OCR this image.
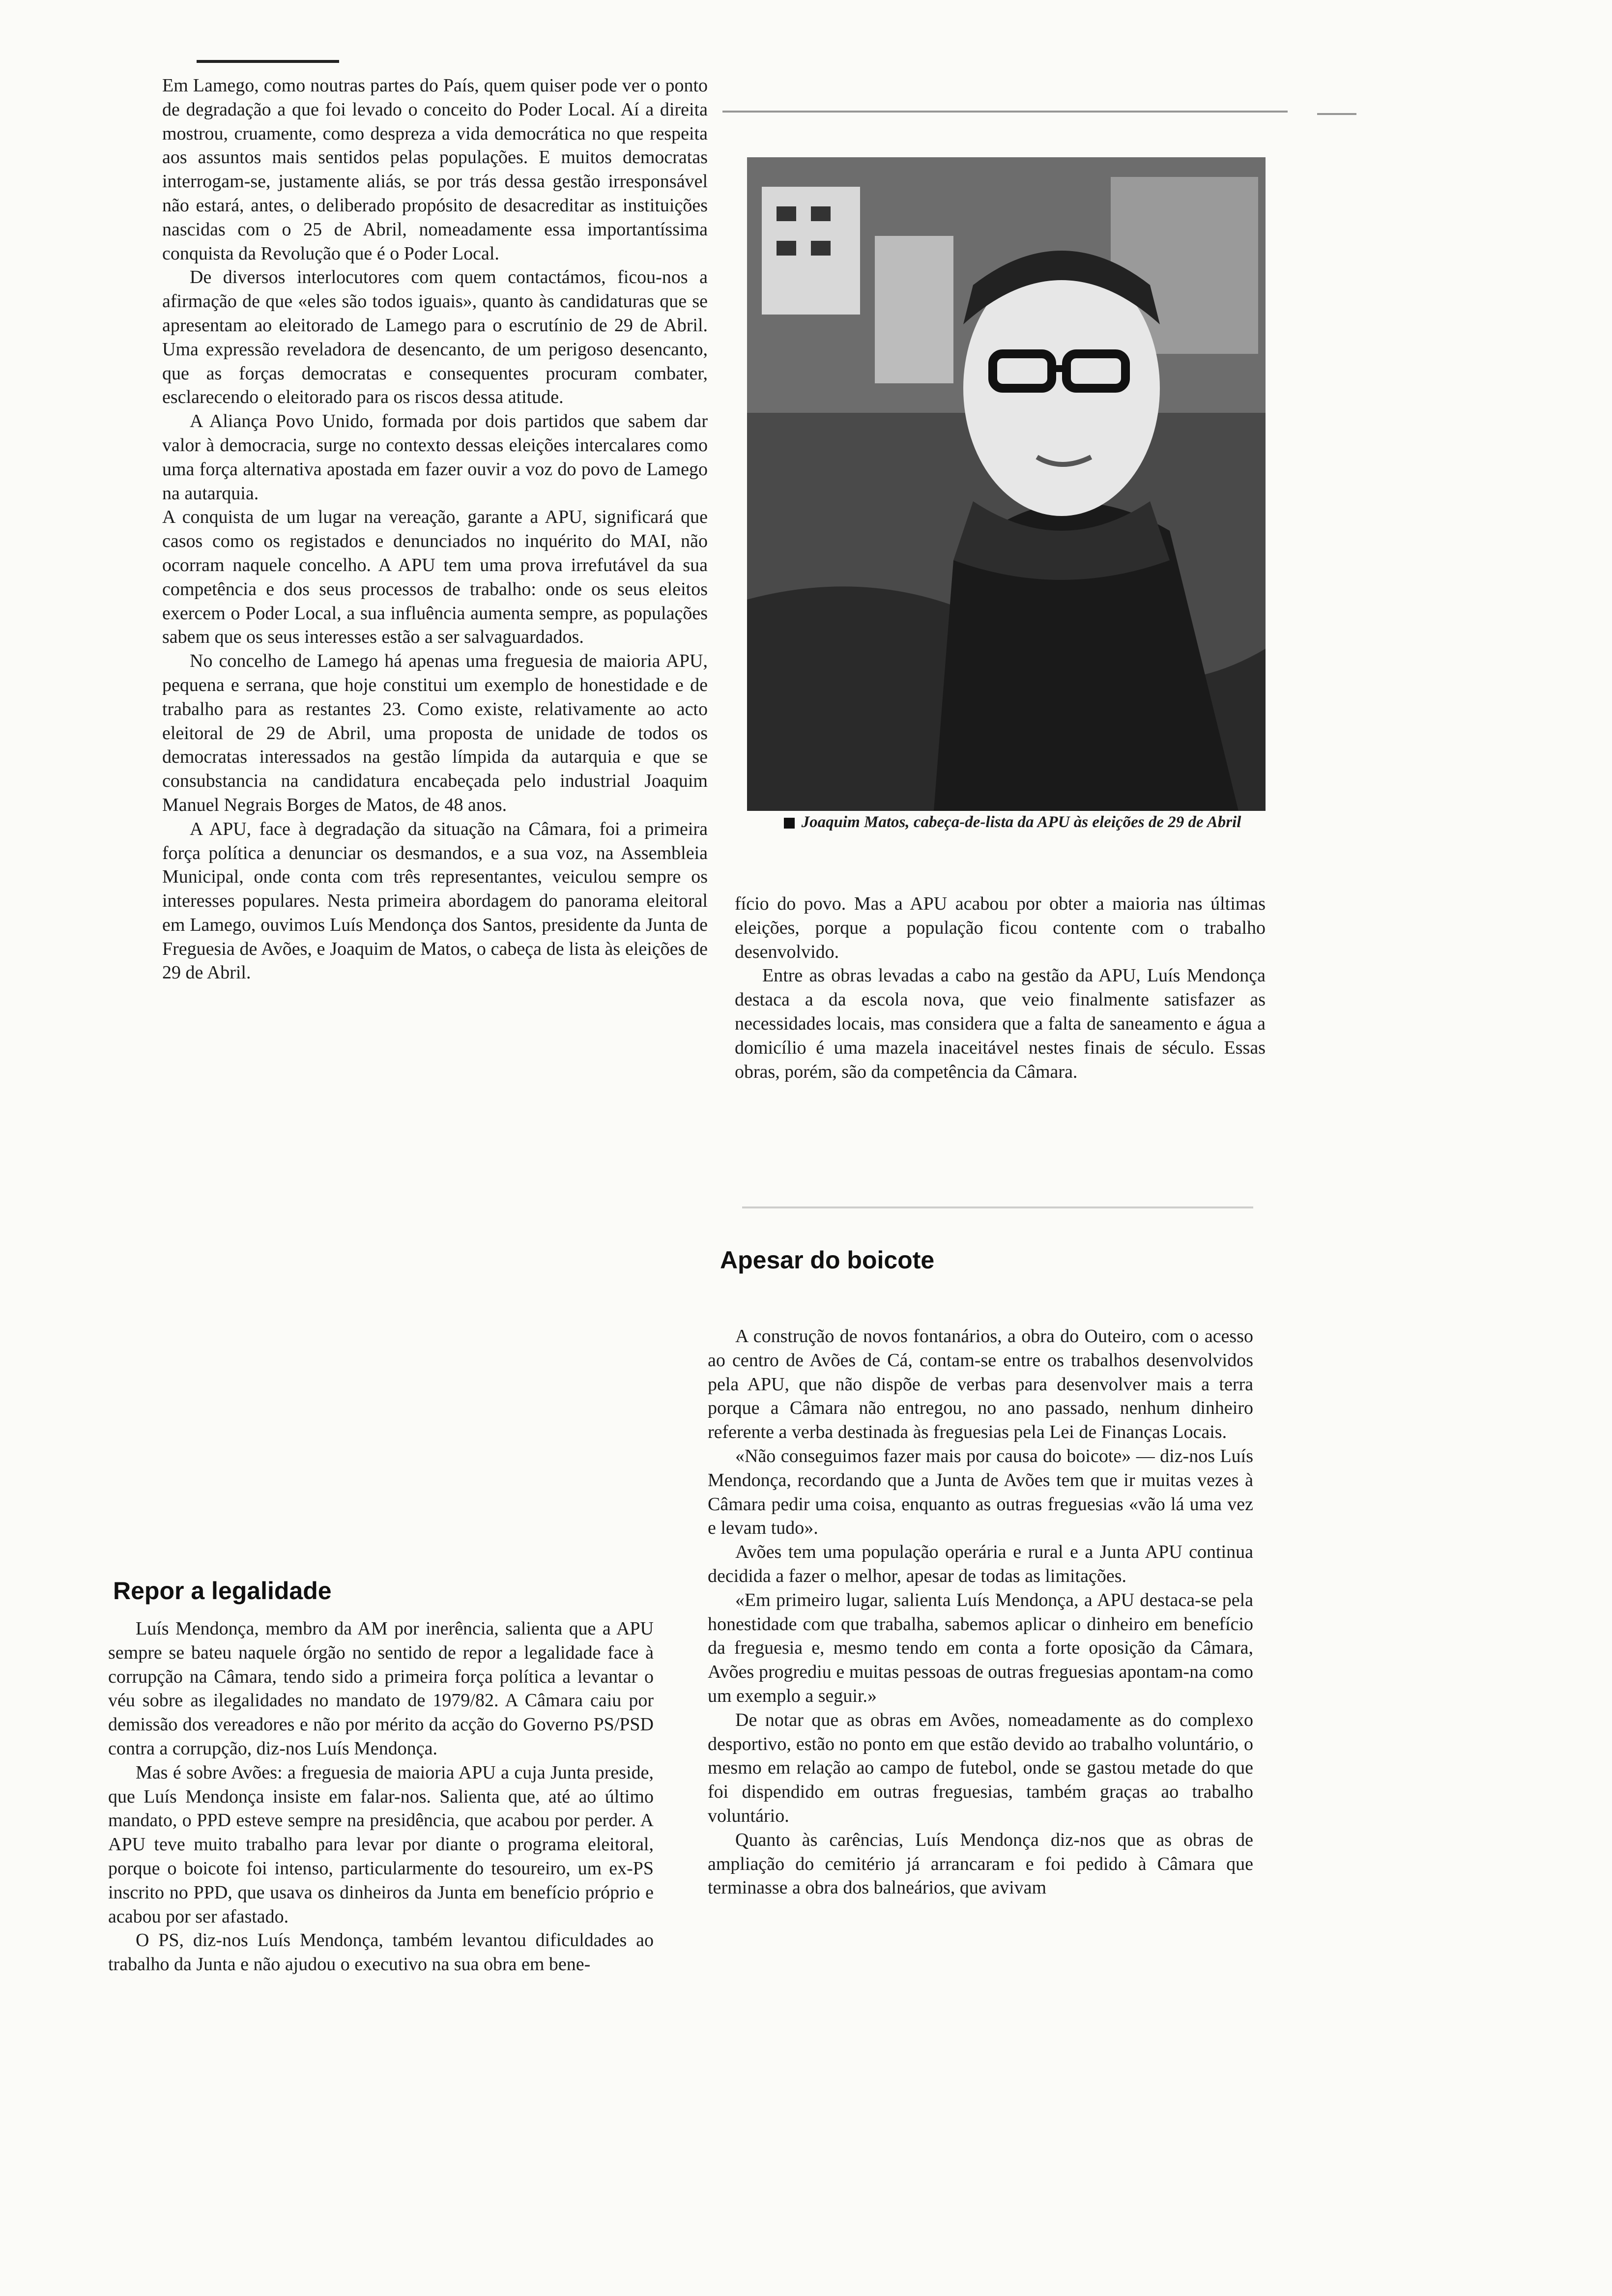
Em Lamego, como noutras partes do País, quem quiser pode ver o ponto de degradação a que foi levado o conceito do Poder Local. Aí a direita mostrou, cruamente, como despreza a vida democrática no que respeita aos assuntos mais sentidos pelas populações. E muitos democratas interrogam-se, justamente aliás, se por trás dessa gestão irresponsável não estará, antes, o deliberado propósito de desacreditar as instituições nascidas com o 25 de Abril, nomeadamente essa importantíssima conquista da Revolução que é o Poder Local.

De diversos interlocutores com quem contactámos, ficou-nos a afirmação de que «eles são todos iguais», quanto às candidaturas que se apresentam ao eleitorado de Lamego para o escrutínio de 29 de Abril. Uma expressão reveladora de desencanto, de um perigoso desencanto, que as forças democratas e consequentes procuram combater, esclarecendo o eleitorado para os riscos dessa atitude.

A Aliança Povo Unido, formada por dois partidos que sabem dar valor à democracia, surge no contexto dessas eleições intercalares como uma força alternativa apostada em fazer ouvir a voz do povo de Lamego na autarquia.

A conquista de um lugar na vereação, garante a APU, significará que casos como os registados e denunciados no inquérito do MAI, não ocorram naquele concelho. A APU tem uma prova irrefutável da sua competência e dos seus processos de trabalho: onde os seus eleitos exercem o Poder Local, a sua influência aumenta sempre, as populações sabem que os seus interesses estão a ser salvaguardados.

No concelho de Lamego há apenas uma freguesia de maioria APU, pequena e serrana, que hoje constitui um exemplo de honestidade e de trabalho para as restantes 23. Como existe, relativamente ao acto eleitoral de 29 de Abril, uma proposta de unidade de todos os democratas interessados na gestão límpida da autarquia e que se consubstancia na candidatura encabeçada pelo industrial Joaquim Manuel Negrais Borges de Matos, de 48 anos.

A APU, face à degradação da situação na Câmara, foi a primeira força política a denunciar os desmandos, e a sua voz, na Assembleia Municipal, onde conta com três representantes, veiculou sempre os interesses populares. Nesta primeira abordagem do panorama eleitoral em Lamego, ouvimos Luís Mendonça dos Santos, presidente da Junta de Freguesia de Avões, e Joaquim de Matos, o cabeça de lista às eleições de 29 de Abril.

Repor a legalidade

Luís Mendonça, membro da AM por inerência, salienta que a APU sempre se bateu naquele órgão no sentido de repor a legalidade face à corrupção na Câmara, tendo sido a primeira força política a levantar o véu sobre as ilegalidades no mandato de 1979/82. A Câmara caiu por demissão dos vereadores e não por mérito da acção do Governo PS/PSD contra a corrupção, diz-nos Luís Mendonça.

Mas é sobre Avões: a freguesia de maioria APU a cuja Junta preside, que Luís Mendonça insiste em falar-nos. Salienta que, até ao último mandato, o PPD esteve sempre na presidência, que acabou por perder. A APU teve muito trabalho para levar por diante o programa eleitoral, porque o boicote foi intenso, particularmente do tesoureiro, um ex-PS inscrito no PPD, que usava os dinheiros da Junta em benefício próprio e acabou por ser afastado.

O PS, diz-nos Luís Mendonça, também levantou dificuldades ao trabalho da Junta e não ajudou o executivo na sua obra em bene-

Joaquim Matos, cabeça-de-lista da APU às eleições de 29 de Abril

fício do povo. Mas a APU acabou por obter a maioria nas últimas eleições, porque a população ficou contente com o trabalho desenvolvido.

Entre as obras levadas a cabo na gestão da APU, Luís Mendonça destaca a da escola nova, que veio finalmente satisfazer as necessidades locais, mas considera que a falta de saneamento e água a domicílio é uma mazela inaceitável nestes finais de século. Essas obras, porém, são da competência da Câmara.

Apesar do boicote

A construção de novos fontanários, a obra do Outeiro, com o acesso ao centro de Avões de Cá, contam-se entre os trabalhos desenvolvidos pela APU, que não dispõe de verbas para desenvolver mais a terra porque a Câmara não entregou, no ano passado, nenhum dinheiro referente a verba destinada às freguesias pela Lei de Finanças Locais.

«Não conseguimos fazer mais por causa do boicote» — diz-nos Luís Mendonça, recordando que a Junta de Avões tem que ir muitas vezes à Câmara pedir uma coisa, enquanto as outras freguesias «vão lá uma vez e levam tudo».

Avões tem uma população operária e rural e a Junta APU continua decidida a fazer o melhor, apesar de todas as limitações.

«Em primeiro lugar, salienta Luís Mendonça, a APU destaca-se pela honestidade com que trabalha, sabemos aplicar o dinheiro em benefício da freguesia e, mesmo tendo em conta a forte oposição da Câmara, Avões progrediu e muitas pessoas de outras freguesias apontam-na como um exemplo a seguir.»

De notar que as obras em Avões, nomeadamente as do complexo desportivo, estão no ponto em que estão devido ao trabalho voluntário, o mesmo em relação ao campo de futebol, onde se gastou metade do que foi dispendido em outras freguesias, também graças ao trabalho voluntário.

Quanto às carências, Luís Mendonça diz-nos que as obras de ampliação do cemitério já arrancaram e foi pedido à Câmara que terminasse a obra dos balneários, que avivam
